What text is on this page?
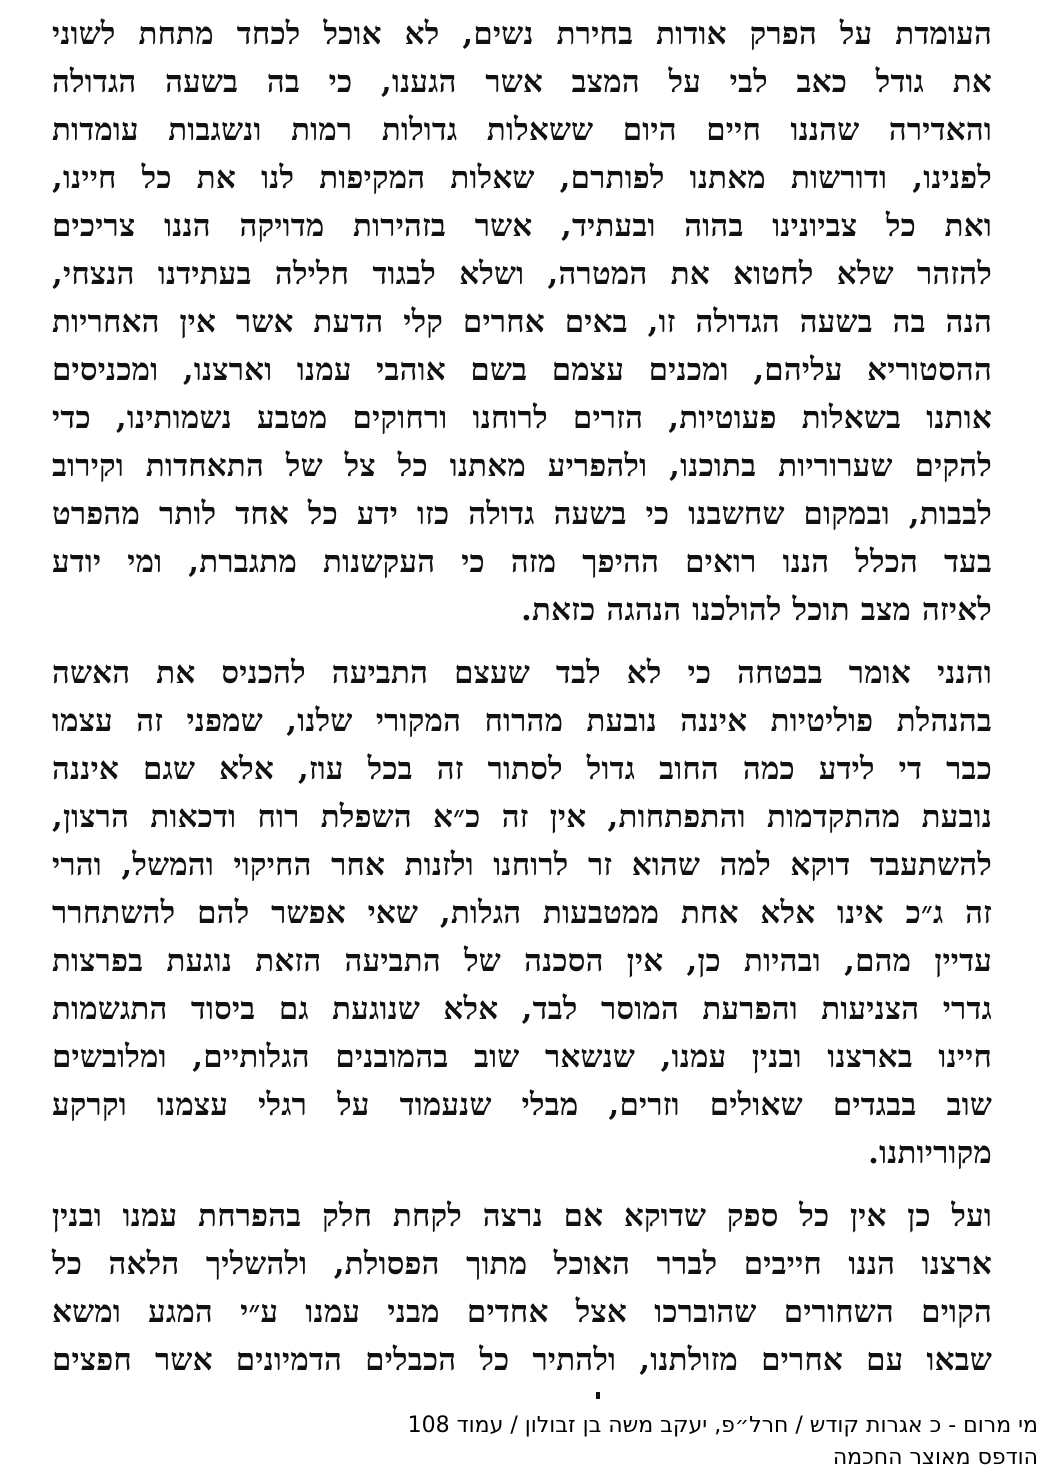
העומדת על הפרק אודות בחירת נשים, לא אוכל לכחד מתחת לשוני
את גודל כאב לבי על המצב אשר הגענו, כי בה בשעה הגדולה
והאדירה שהננו חיים היום ששאלות גדולות רמות ונשגבות עומדות
לפנינו, ודורשות מאתנו לפותרם, שאלות המקיפות לנו את כל חיינו,
ואת כל צביונינו בהוה ובעתיד, אשר בזהירות מדויקה הננו צריכים
להזהר שלא לחטוא את המטרה, ושלא לבגוד חלילה בעתידנו הנצחי,
הנה בה בשעה הגדולה זו, באים אחרים קלי הדעת אשר אין האחריות
ההסטוריא עליהם, ומכנים עצמם בשם אוהבי עמנו וארצנו, ומכניסים
אותנו בשאלות פעוטיות, הזרים לרוחנו ורחוקים מטבע נשמותינו, כדי
להקים שערוריות בתוכנו, ולהפריע מאתנו כל צל של התאחדות וקירוב
לבבות, ובמקום שחשבנו כי בשעה גדולה כזו ידע כל אחד לותר מהפרט
בעד הכלל הננו רואים ההיפך מזה כי העקשנות מתגברת, ומי יודע
לאיזה מצב תוכל להולכנו הנהגה כזאת.
והנני אומר בבטחה כי לא לבד שעצם התביעה להכניס את האשה
בהנהלת פוליטיות איננה נובעת מהרוח המקורי שלנו, שמפני זה עצמו
כבר די לידע כמה החוב גדול לסתור זה בכל עוז, אלא שגם איננה
נובעת מהתקדמות והתפתחות, אין זה כ״א השפלת רוח ודכאות הרצון,
להשתעבד דוקא למה שהוא זר לרוחנו ולזנות אחר החיקוי והמשל, והרי
זה ג״כ אינו אלא אחת ממטבעות הגלות, שאי אפשר להם להשתחרר
עדיין מהם, ובהיות כן, אין הסכנה של התביעה הזאת נוגעת בפרצות
גדרי הצניעות והפרעת המוסר לבד, אלא שנוגעת גם ביסוד התגשמות
חיינו בארצנו ובנין עמנו, שנשאר שוב בהמובנים הגלותיים, ומלובשים
שוב בבגדים שאולים וזרים, מבלי שנעמוד על רגלי עצמנו וקרקע
מקוריותנו.
ועל כן אין כל ספק שדוקא אם נרצה לקחת חלק בהפרחת עמנו ובנין
ארצנו הננו חייבים לברר האוכל מתוך הפסולת, ולהשליך הלאה כל
הקוים השחורים שהוברכו אצל אחדים מבני עמנו ע״י המגע ומשא
שבאו עם אחרים מזולתנו, ולהתיר כל הכבלים הדמיונים אשר חפצים
מי מרום - כ אגרות קודש / חרל״פ, יעקב משה בן זבולון / עמוד 108
הודפס מאוצר החכמה
